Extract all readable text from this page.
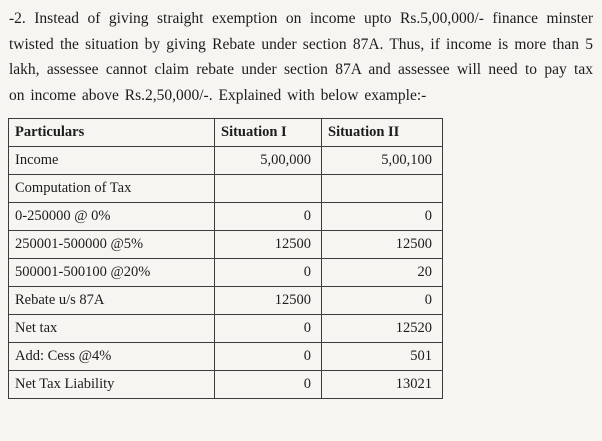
-2. Instead of giving straight exemption on income upto Rs.5,00,000/- finance minster twisted the situation by giving Rebate under section 87A. Thus, if income is more than 5 lakh, assessee cannot claim rebate under section 87A and assessee will need to pay tax on income above Rs.2,50,000/-. Explained with below example:-

Particulars	Situation I	Situation II
Income	5,00,000	5,00,100
Computation of Tax		
0-250000 @ 0%	0	0
250001-500000 @5%	12500	12500
500001-500100 @20%	0	20
Rebate u/s 87A	12500	0
Net tax	0	12520
Add: Cess @4%	0	501
Net Tax Liability	0	13021
